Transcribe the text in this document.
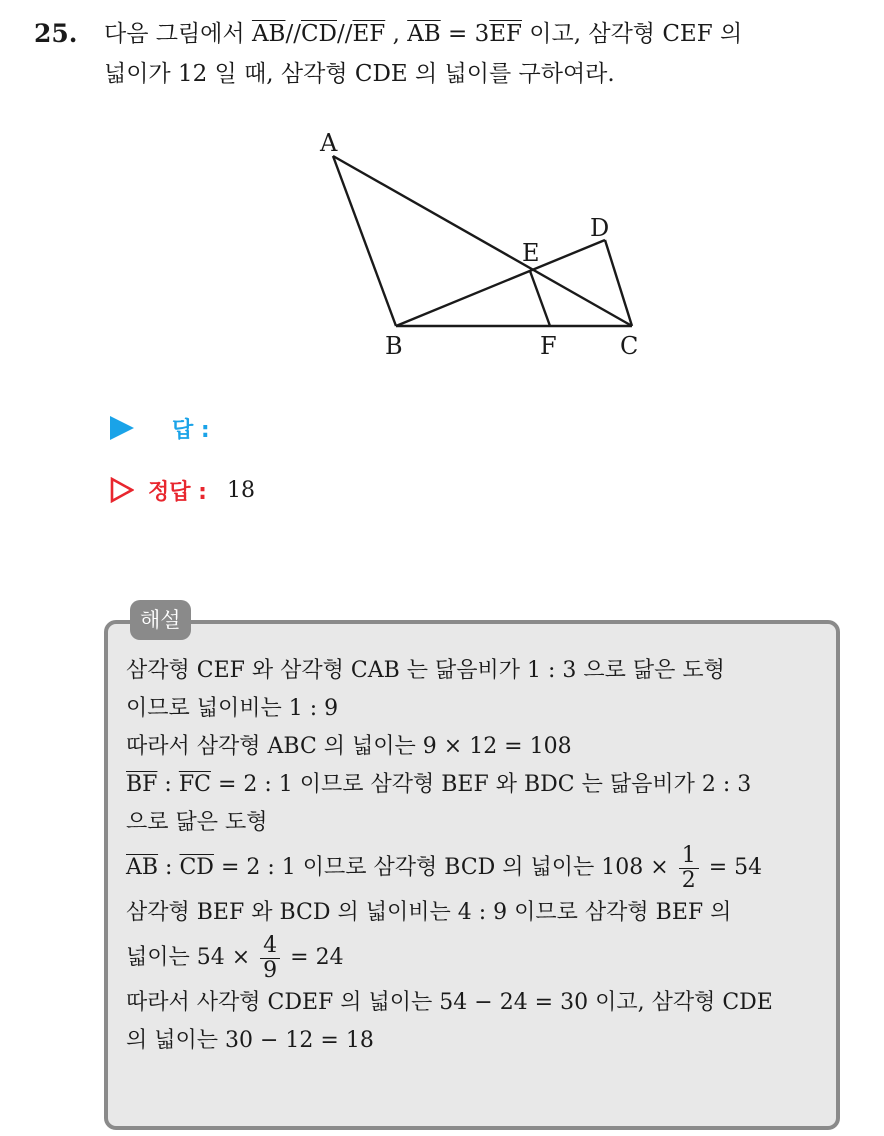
25. 다음 그림에서 $\overline{AB}//\overline{CD}//\overline{EF}$ , $\overline{AB} = 3\overline{EF}$ 이고, 삼각형 CEF 의
넓이가 12 일 때, 삼각형 CDE 의 넓이를 구하여라.
A
B	C
D
E
F
답 :
정답 : 18
해설
삼각형 CEF 와 삼각형 CAB 는 닮음비가 1 : 3 으로 닮은 도형
이므로 넓이비는 1 : 9
따라서 삼각형 ABC 의 넓이는 9 × 12 = 108
$\overline{BF}$ : $\overline{FC} = 2$ : 1 이므로 삼각형 BEF 와 BDC 는 닮음비가 2 : 3
으로 닮은 도형
$\overline{AB}$ : $\overline{CD} = 2$ : 1 이므로 삼각형 BCD 의 넓이는 $108 \times \frac{1}{2} = 54$
삼각형 BEF 와 BCD 의 넓이비는 4 : 9 이므로 삼각형 BEF 의
넓이는 $54 \times \frac{4}{9} = 24$
따라서 사각형 CDEF 의 넓이는 54 − 24 = 30 이고, 삼각형 CDE
의 넓이는 30 − 12 = 18
